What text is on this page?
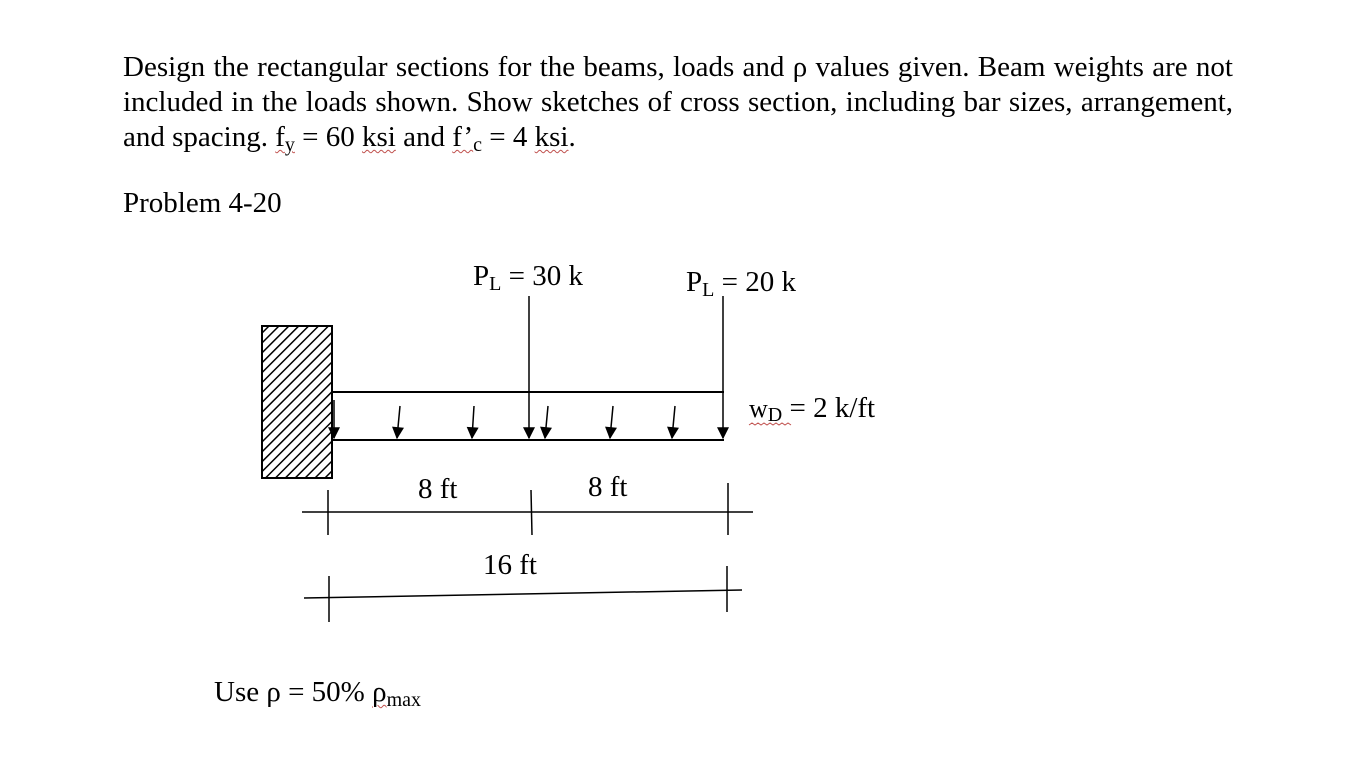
Design the rectangular sections for the beams, loads and ρ values given. Beam weights are not included in the loads shown. Show sketches of cross section, including bar sizes, arrangement, and spacing. $f_y = 60$ ksi and $f’_c = 4$ ksi.

Problem 4-20

PL = 30 k	PL = 20 k
wD = 2 k/ft
8 ft	8 ft
16 ft

Use ρ = 50% $\rho_{max}$
